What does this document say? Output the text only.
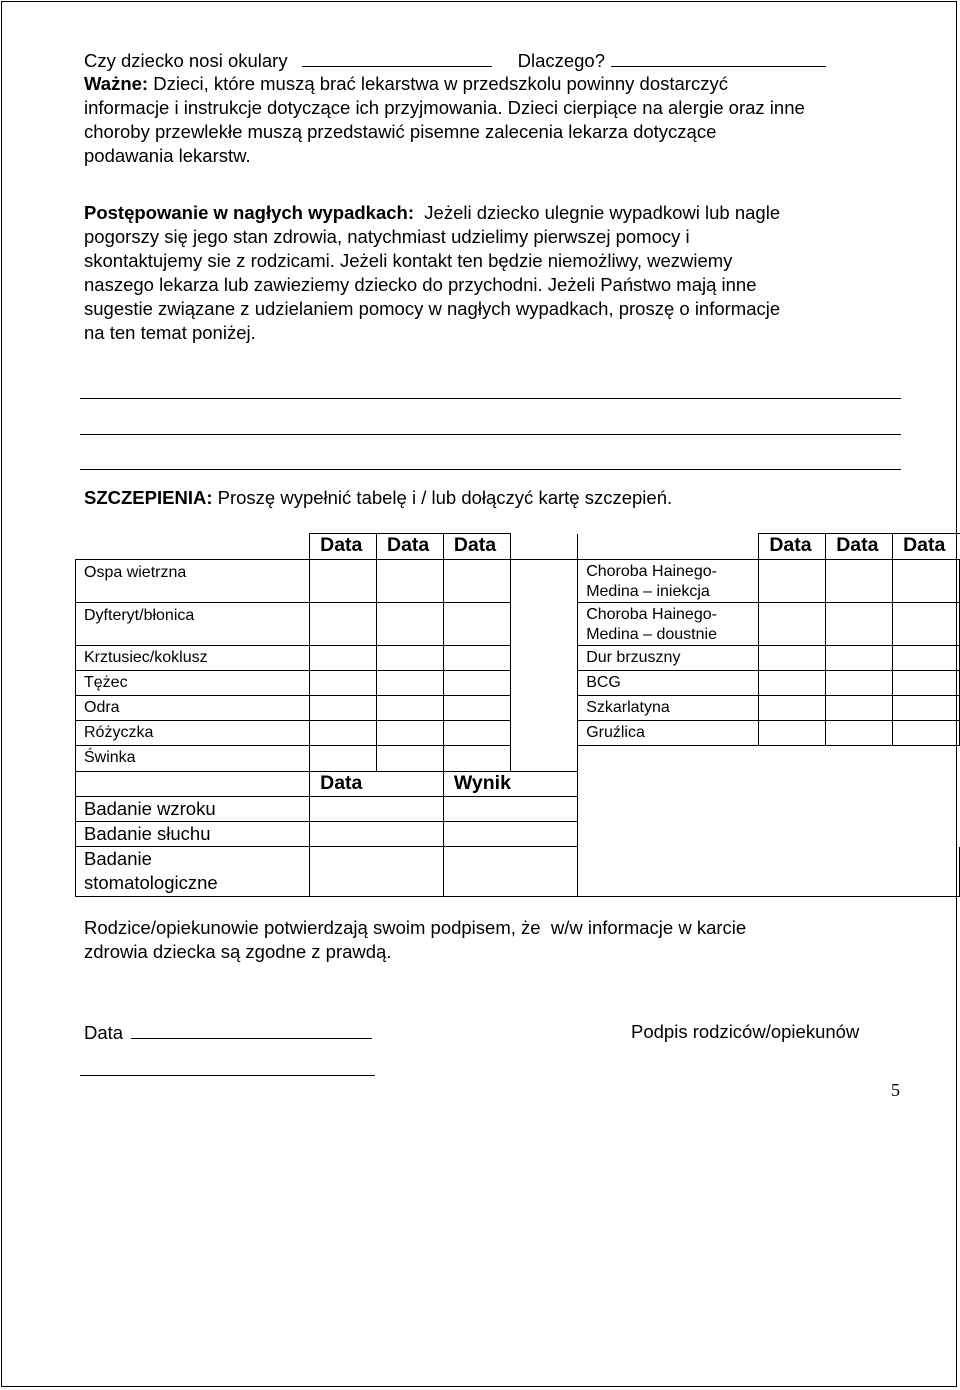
Czy dziecko nosi okulary	Dlaczego?
Ważne: Dzieci, które muszą brać lekarstwa w przedszkolu powinny dostarczyć
informacje i instrukcje dotyczące ich przyjmowania. Dzieci cierpiące na alergie oraz inne
choroby przewlekłe muszą przedstawić pisemne zalecenia lekarza dotyczące
podawania lekarstw.
Postępowanie w nagłych wypadkach:  Jeżeli dziecko ulegnie wypadkowi lub nagle
pogorszy się jego stan zdrowia, natychmiast udzielimy pierwszej pomocy i
skontaktujemy sie z rodzicami. Jeżeli kontakt ten będzie niemożliwy, wezwiemy
naszego lekarza lub zawieziemy dziecko do przychodni. Jeżeli Państwo mają inne
sugestie związane z udzielaniem pomocy w nagłych wypadkach, proszę o informacje
na ten temat poniżej.
SZCZEPIENIA: Proszę wypełnić tabelę i / lub dołączyć kartę szczepień.
	Data	Data	Data			Data	Data	Data
Ospa wietrzna					Choroba Hainego-
Medina – iniekcja			

Dyfteryt/błonica					Choroba Hainego-
Medina – doustnie			

Krztusiec/koklusz					Dur brzuszny			
Tężec					BCG			
Odra					Szkarlatyna			
Różyczka					Gruźlica			
Świnka								
	Data		Wynik					
Badanie wzroku								
Badanie słuchu								

Badanie
stomatologiczne								

Rodzice/opiekunowie potwierdzają swoim podpisem, że  w/w informacje w karcie
zdrowia dziecka są zgodne z prawdą.
Data	Podpis rodziców/opiekunów
5
